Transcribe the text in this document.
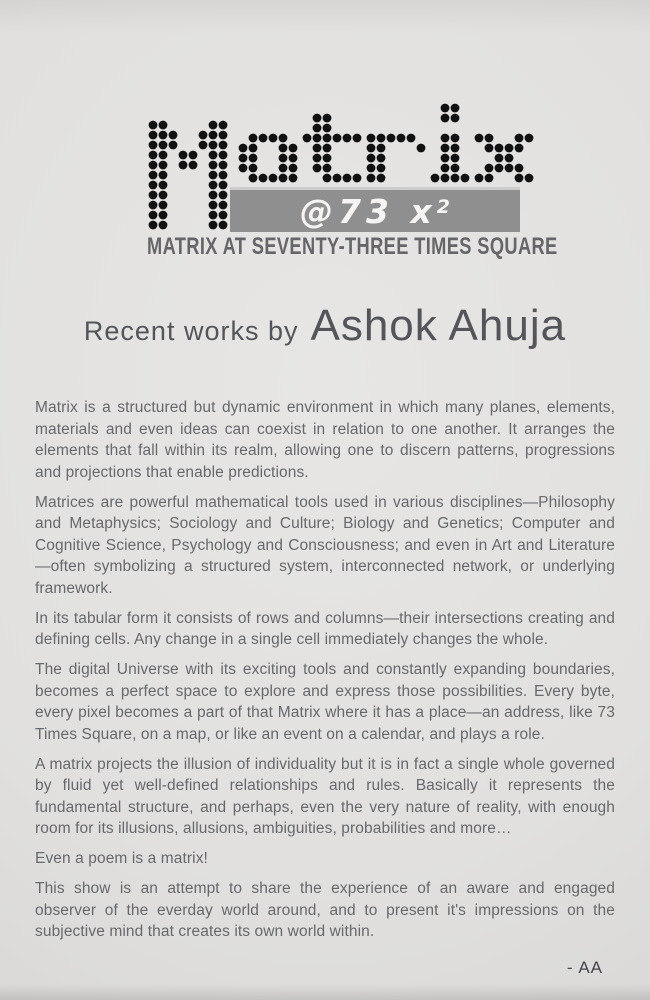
@73 x 2
MATRIX AT SEVENTY-THREE TIMES SQUARE
Recent works by Ashok Ahuja

Matrix is a structured but dynamic environment in which many planes, elements, materials and even ideas can coexist in relation to one another. It arranges the elements that fall within its realm, allowing one to discern patterns, progressions and projections that enable predictions.

Matrices are powerful mathematical tools used in various disciplines—Philosophy and Metaphysics; Sociology and Culture; Biology and Genetics; Computer and Cognitive Science, Psychology and Consciousness; and even in Art and Literature—often symbolizing a structured system, interconnected network, or underlying framework.

In its tabular form it consists of rows and columns—their intersections creating and defining cells. Any change in a single cell immediately changes the whole.

The digital Universe with its exciting tools and constantly expanding boundaries, becomes a perfect space to explore and express those possibilities. Every byte, every pixel becomes a part of that Matrix where it has a place—an address, like 73 Times Square, on a map, or like an event on a calendar, and plays a role.

A matrix projects the illusion of individuality but it is in fact a single whole governed by fluid yet well-defined relationships and rules. Basically it represents the fundamental structure, and perhaps, even the very nature of reality, with enough room for its illusions, allusions, ambiguities, probabilities and more…

Even a poem is a matrix!

This show is an attempt to share the experience of an aware and engaged observer of the everday world around, and to present it's impressions on the subjective mind that creates its own world within.

- AA
